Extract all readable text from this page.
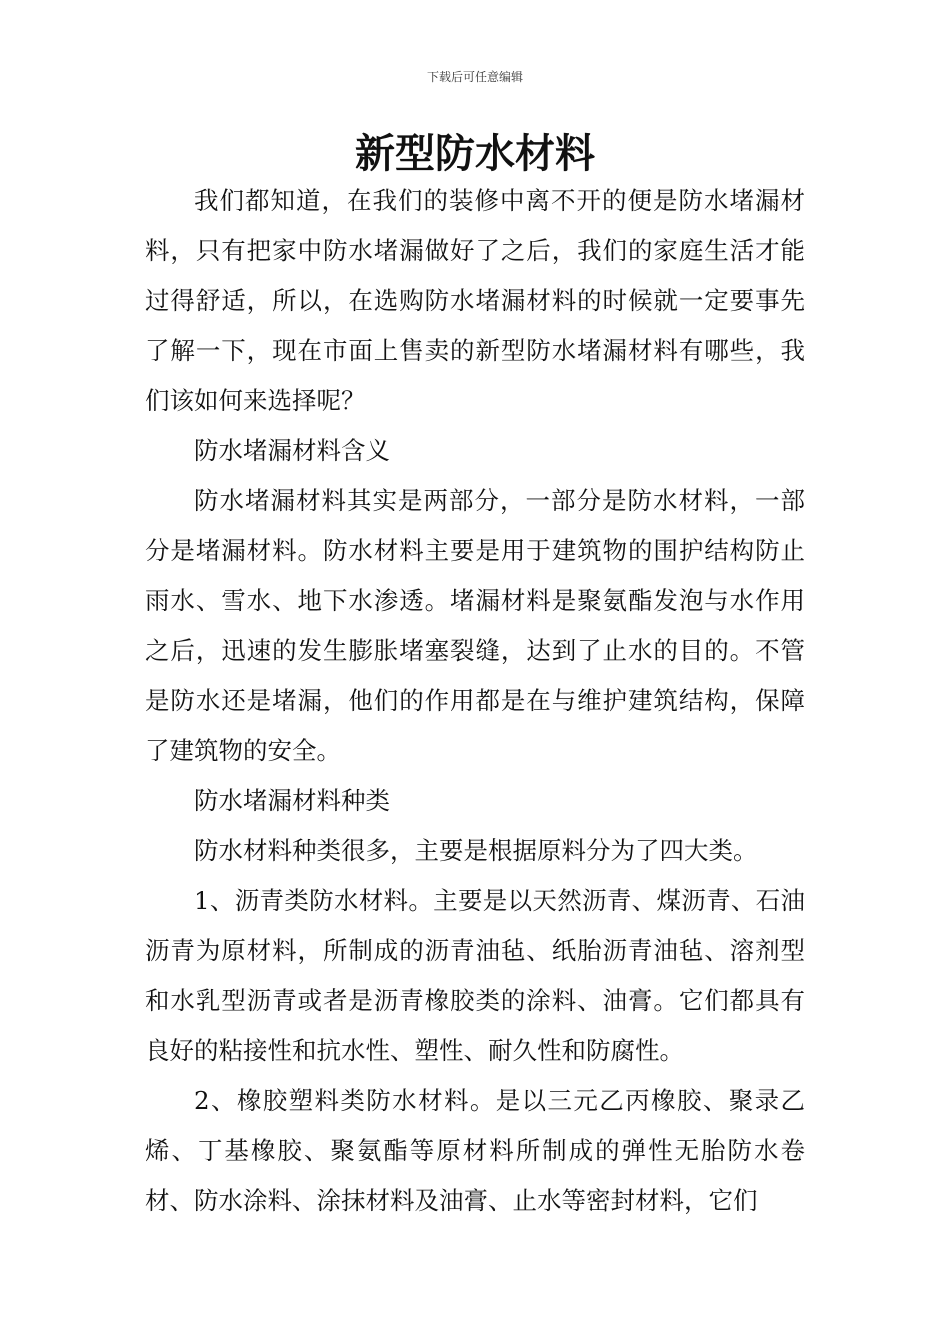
下载后可任意编辑
新型防水材料

我们都知道，在我们的装修中离不开的便是防水堵漏材料，只有把家中防水堵漏做好了之后，我们的家庭生活才能过得舒适，所以，在选购防水堵漏材料的时候就一定要事先了解一下，现在市面上售卖的新型防水堵漏材料有哪些，我们该如何来选择呢？

防水堵漏材料含义

防水堵漏材料其实是两部分，一部分是防水材料，一部分是堵漏材料。防水材料主要是用于建筑物的围护结构防止雨水、雪水、地下水渗透。堵漏材料是聚氨酯发泡与水作用之后，迅速的发生膨胀堵塞裂缝，达到了止水的目的。不管是防水还是堵漏，他们的作用都是在与维护建筑结构，保障了建筑物的安全。

防水堵漏材料种类

防水材料种类很多，主要是根据原料分为了四大类。

1、沥青类防水材料。主要是以天然沥青、煤沥青、石油沥青为原材料，所制成的沥青油毡、纸胎沥青油毡、溶剂型和水乳型沥青或者是沥青橡胶类的涂料、油膏。它们都具有良好的粘接性和抗水性、塑性、耐久性和防腐性。

2、橡胶塑料类防水材料。是以三元乙丙橡胶、聚录乙烯、丁基橡胶、聚氨酯等原材料所制成的弹性无胎防水卷材、防水涂料、涂抹材料及油膏、止水等密封材料，它们
